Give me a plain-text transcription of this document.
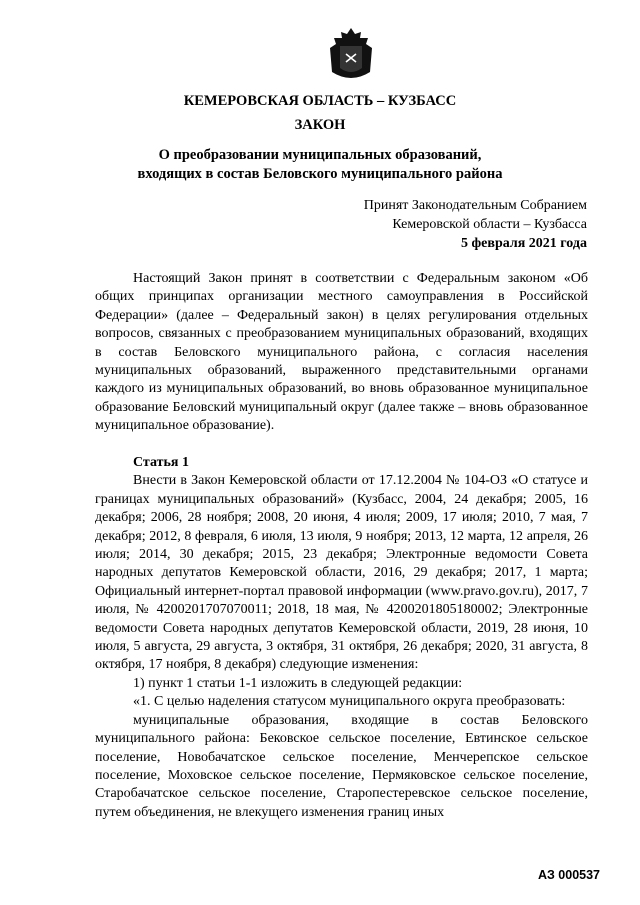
КЕМЕРОВСКАЯ ОБЛАСТЬ – КУЗБАСС
ЗАКОН
О преобразовании муниципальных образований,
входящих в состав Беловского муниципального района
Принят Законодательным Собранием
Кемеровской области – Кузбасса
5 февраля 2021 года

Настоящий Закон принят в соответствии с Федеральным законом «Об общих принципах организации местного самоуправления в Российской Федерации» (далее – Федеральный закон) в целях регулирования отдельных вопросов, связанных с преобразованием муниципальных образований, входящих в состав Беловского муниципального района, с согласия населения муниципальных образований, выраженного представительными органами каждого из муниципальных образований, во вновь образованное муниципальное образование Беловский муниципальный округ (далее также – вновь образованное муниципальное образование).

Статья 1

Внести в Закон Кемеровской области от 17.12.2004 № 104-ОЗ «О статусе и границах муниципальных образований» (Кузбасс, 2004, 24 декабря; 2005, 16 декабря; 2006, 28 ноября; 2008, 20 июня, 4 июля; 2009, 17 июля; 2010, 7 мая, 7 декабря; 2012, 8 февраля, 6 июля, 13 июля, 9 ноября; 2013, 12 марта, 12 апреля, 26 июля; 2014, 30 декабря; 2015, 23 декабря; Электронные ведомости Совета народных депутатов Кемеровской области, 2016, 29 декабря; 2017, 1 марта; Официальный интернет-портал правовой информации (www.pravo.gov.ru), 2017, 7 июля, № 4200201707070011; 2018, 18 мая, № 4200201805180002; Электронные ведомости Совета народных депутатов Кемеровской области, 2019, 28 июня, 10 июля, 5 августа, 29 августа, 3 октября, 31 октября, 26 декабря; 2020, 31 августа, 8 октября, 17 ноября, 8 декабря) следующие изменения:

1) пункт 1 статьи 1-1 изложить в следующей редакции:

«1. С целью наделения статусом муниципального округа преобразовать:

муниципальные образования, входящие в состав Беловского муниципального района: Бековское сельское поселение, Евтинское сельское поселение, Новобачатское сельское поселение, Менчерепское сельское поселение, Моховское сельское поселение, Пермяковское сельское поселение, Старобачатское сельское поселение, Старопестеревское сельское поселение, путем объединения, не влекущего изменения границ иных

АЗ 000537
